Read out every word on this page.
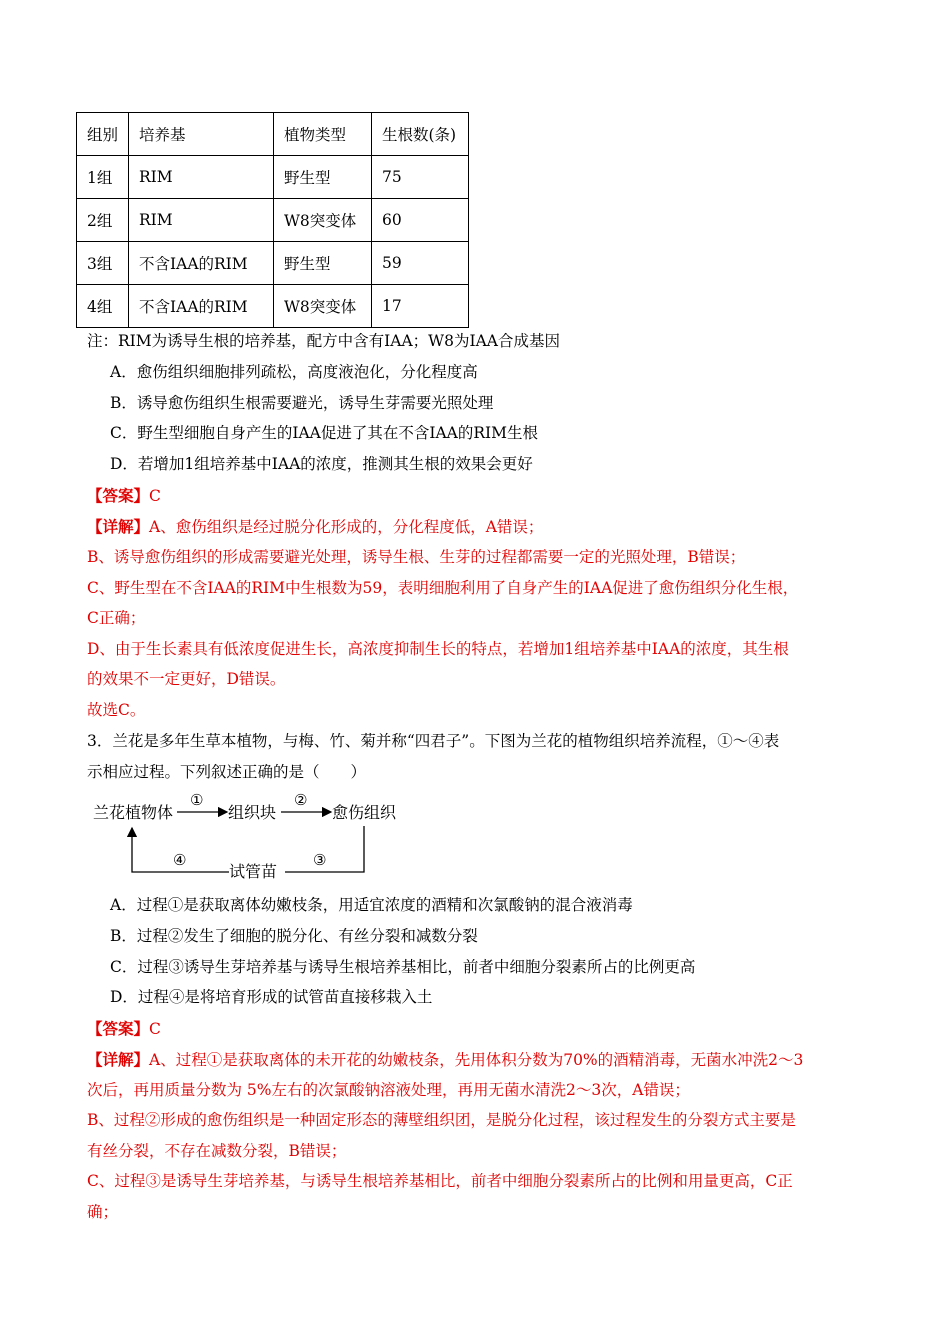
组别	培养基	植物类型	生根数(条)
1组	RIM	野生型	75
2组	RIM	W8突变体	60
3组	不含IAA的RIM	野生型	59
4组	不含IAA的RIM	W8突变体	17
注：RIM为诱导生根的培养基，配方中含有IAA；W8为IAA合成基因
A．愈伤组织细胞排列疏松，高度液泡化，分化程度高
B．诱导愈伤组织生根需要避光，诱导生芽需要光照处理
C．野生型细胞自身产生的IAA促进了其在不含IAA的RIM生根
D．若增加1组培养基中IAA的浓度，推测其生根的效果会更好
【答案】C
【详解】A、愈伤组织是经过脱分化形成的，分化程度低，A错误；
B、诱导愈伤组织的形成需要避光处理，诱导生根、生芽的过程都需要一定的光照处理，B错误；
C、野生型在不含IAA的RIM中生根数为59，表明细胞利用了自身产生的IAA促进了愈伤组织分化生根，
C正确；
D、由于生长素具有低浓度促进生长，高浓度抑制生长的特点，若增加1组培养基中IAA的浓度，其生根
的效果不一定更好，D错误。
故选C。
3．兰花是多年生草本植物，与梅、竹、菊并称“四君子”。下图为兰花的植物组织培养流程，①～④表
示相应过程。下列叙述正确的是（　　）
兰花植物体
①
组织块
②
愈伤组织
试管苗
④	③
A．过程①是获取离体幼嫩枝条，用适宜浓度的酒精和次氯酸钠的混合液消毒
B．过程②发生了细胞的脱分化、有丝分裂和减数分裂
C．过程③诱导生芽培养基与诱导生根培养基相比，前者中细胞分裂素所占的比例更高
D．过程④是将培育形成的试管苗直接移栽入土
【答案】C
【详解】A、过程①是获取离体的未开花的幼嫩枝条，先用体积分数为70%的酒精消毒，无菌水冲洗2～3
次后，再用质量分数为 5%左右的次氯酸钠溶液处理，再用无菌水清洗2～3次，A错误；
B、过程②形成的愈伤组织是一种固定形态的薄壁组织团，是脱分化过程，该过程发生的分裂方式主要是
有丝分裂，不存在减数分裂，B错误；
C、过程③是诱导生芽培养基，与诱导生根培养基相比，前者中细胞分裂素所占的比例和用量更高，C正
确；
